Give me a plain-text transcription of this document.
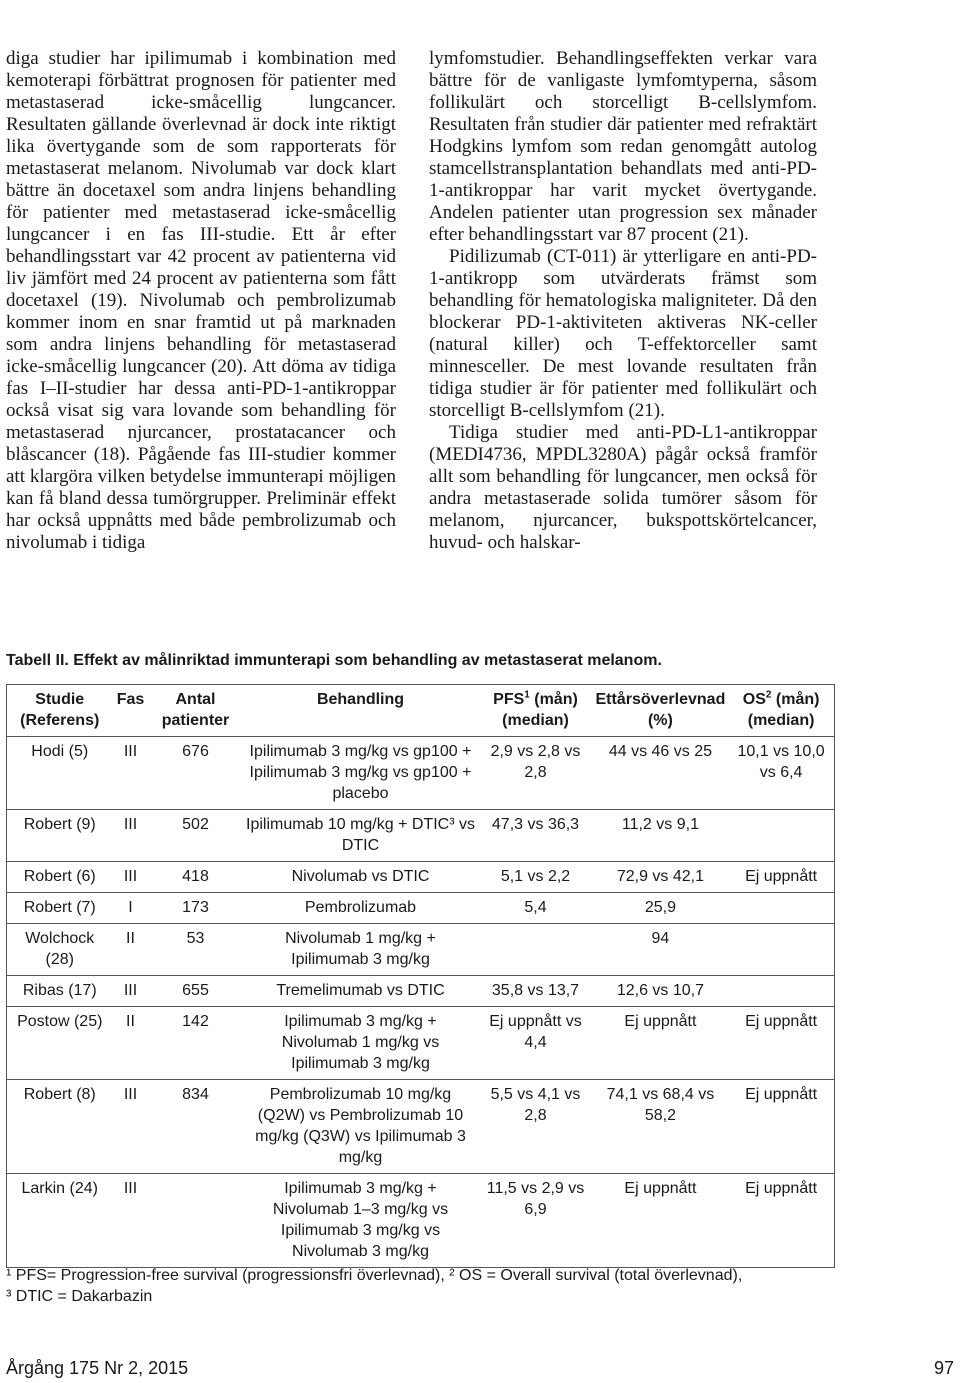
diga studier har ipilimumab i kombination med kemoterapi förbättrat prognosen för patienter med metastaserad icke-småcellig lungcancer. Resultaten gällande överlevnad är dock inte riktigt lika övertygande som de som rapporterats för metastaserat melanom. Nivolumab var dock klart bättre än docetaxel som andra linjens behandling för patienter med metastaserad icke-småcellig lungcancer i en fas III-studie. Ett år efter behandlingsstart var 42 procent av patienterna vid liv jämfört med 24 procent av patienterna som fått docetaxel (19). Nivolumab och pembrolizumab kommer inom en snar framtid ut på marknaden som andra linjens behandling för metastaserad icke-småcellig lungcancer (20). Att döma av tidiga fas I–II-studier har dessa anti-PD-1-antikroppar också visat sig vara lovande som behandling för metastaserad njurcancer, prostatacancer och blåscancer (18). Pågående fas III-studier kommer att klargöra vilken betydelse immunterapi möjligen kan få bland dessa tumörgrupper. Preliminär effekt har också uppnåtts med både pembrolizumab och nivolumab i tidiga

lymfomstudier. Behandlingseffekten verkar vara bättre för de vanligaste lymfomtyperna, såsom follikulärt och storcelligt B-cellslymfom. Resultaten från studier där patienter med refraktärt Hodgkins lymfom som redan genomgått autolog stamcellstransplantation behandlats med anti-PD-1-antikroppar har varit mycket övertygande. Andelen patienter utan progression sex månader efter behandlingsstart var 87 procent (21).

Pidilizumab (CT-011) är ytterligare en anti-PD-1-antikropp som utvärderats främst som behandling för hematologiska maligniteter. Då den blockerar PD-1-aktiviteten aktiveras NK-celler (natural killer) och T-effektorceller samt minnesceller. De mest lovande resultaten från tidiga studier är för patienter med follikulärt och storcelligt B-cellslymfom (21).

Tidiga studier med anti-PD-L1-antikroppar (MEDI4736, MPDL3280A) pågår också framför allt som behandling för lungcancer, men också för andra metastaserade solida tumörer såsom för melanom, njurcancer, bukspottskörtelcancer, huvud- och halskar-

Tabell II. Effekt av målinriktad immunterapi som behandling av metastaserat melanom.
Studie (Referens)	Fas	Antal patienter	Behandling	PFS$^1$ (mån) (median)	Ettårsöverlevnad (%)	$OS^2$ (mån) (median)
Hodi (5)	III	676	Ipilimumab 3 mg/kg vs gp100 + Ipilimumab 3 mg/kg vs gp100 + placebo	2,9 vs 2,8 vs 2,8	44 vs 46 vs 25	10,1 vs 10,0 vs 6,4
Robert (9)	III	502	Ipilimumab 10 mg/kg + DTIC³ vs DTIC	47,3 vs 36,3	11,2 vs 9,1	
Robert (6)	III	418	Nivolumab vs DTIC	5,1 vs 2,2	72,9 vs 42,1	Ej uppnått
Robert (7)	I	173	Pembrolizumab	5,4	25,9	
Wolchock (28)	II	53	Nivolumab 1 mg/kg + Ipilimumab 3 mg/kg		94	
Ribas (17)	III	655	Tremelimumab vs DTIC	35,8 vs 13,7	12,6 vs 10,7	
Postow (25)	II	142	Ipilimumab 3 mg/kg + Nivolumab 1 mg/kg vs Ipilimumab 3 mg/kg	Ej uppnått vs 4,4	Ej uppnått	Ej uppnått
Robert (8)	III	834	Pembrolizumab 10 mg/kg (Q2W) vs Pembrolizumab 10 mg/kg (Q3W) vs Ipilimumab 3 mg/kg	5,5 vs 4,1 vs 2,8	74,1 vs 68,4 vs 58,2	Ej uppnått
Larkin (24)	III		Ipilimumab 3 mg/kg + Nivolumab 1–3 mg/kg vs Ipilimumab 3 mg/kg vs Nivolumab 3 mg/kg	11,5 vs 2,9 vs 6,9	Ej uppnått	Ej uppnått
¹ PFS= Progression-free survival (progressionsfri överlevnad), ² OS = Overall survival (total överlevnad),
³ DTIC = Dakarbazin
Årgång 175 Nr 2, 2015	97
